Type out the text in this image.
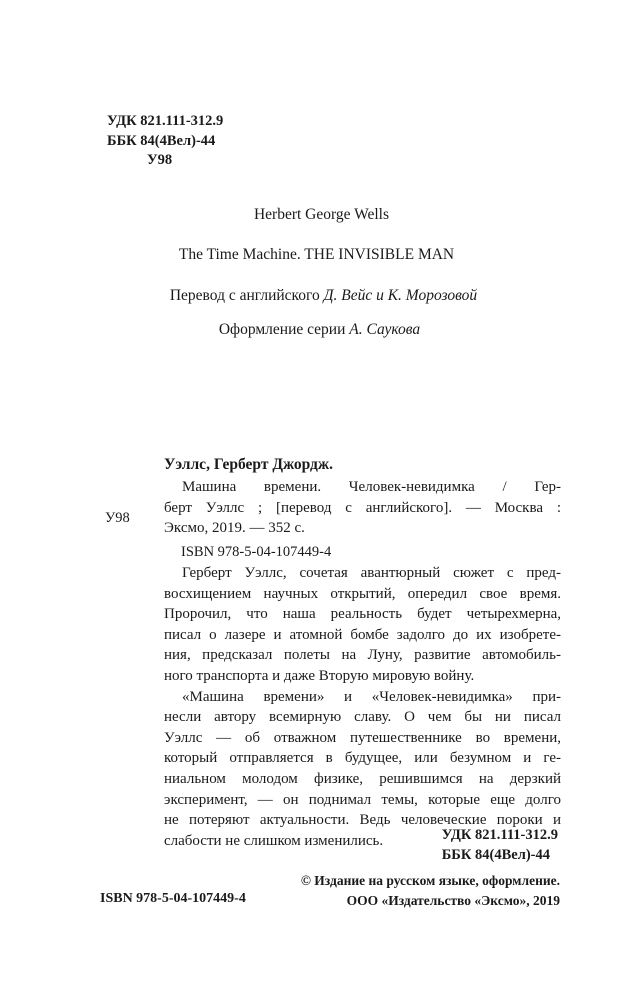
УДК 821.111-312.9
ББК 84(4Вел)-44
У98
Herbert George Wells
The Time Machine. THE INVISIBLE MAN
Перевод с английского Д. Вейс и К. Морозовой
Оформление серии А. Саукова
Уэллс, Герберт Джордж.
У98
Машина времени. Человек-невидимка / Гер-
берт Уэллс ; [перевод с английского]. — Москва :
Эксмо, 2019. — 352 с.
ISBN 978-5-04-107449-4
Герберт Уэллс, сочетая авантюрный сюжет с пред-
восхищением научных открытий, опередил свое время.
Пророчил, что наша реальность будет четырехмерна,
писал о лазере и атомной бомбе задолго до их изобрете-
ния, предсказал полеты на Луну, развитие автомобиль-
ного транспорта и даже Вторую мировую войну.
«Машина времени» и «Человек-невидимка» при-
несли автору всемирную славу. О чем бы ни писал
Уэллс — об отважном путешественнике во времени,
который отправляется в будущее, или безумном и ге-
ниальном молодом физике, решившимся на дерзкий
эксперимент, — он поднимал темы, которые еще долго
не потеряют актуальности. Ведь человеческие пороки и
слабости не слишком изменились.	УДК 821.111-312.9
ББК 84(4Вел)-44
© Издание на русском языке, оформление.
ООО «Издательство «Эксмо», 2019
ISBN 978-5-04-107449-4
